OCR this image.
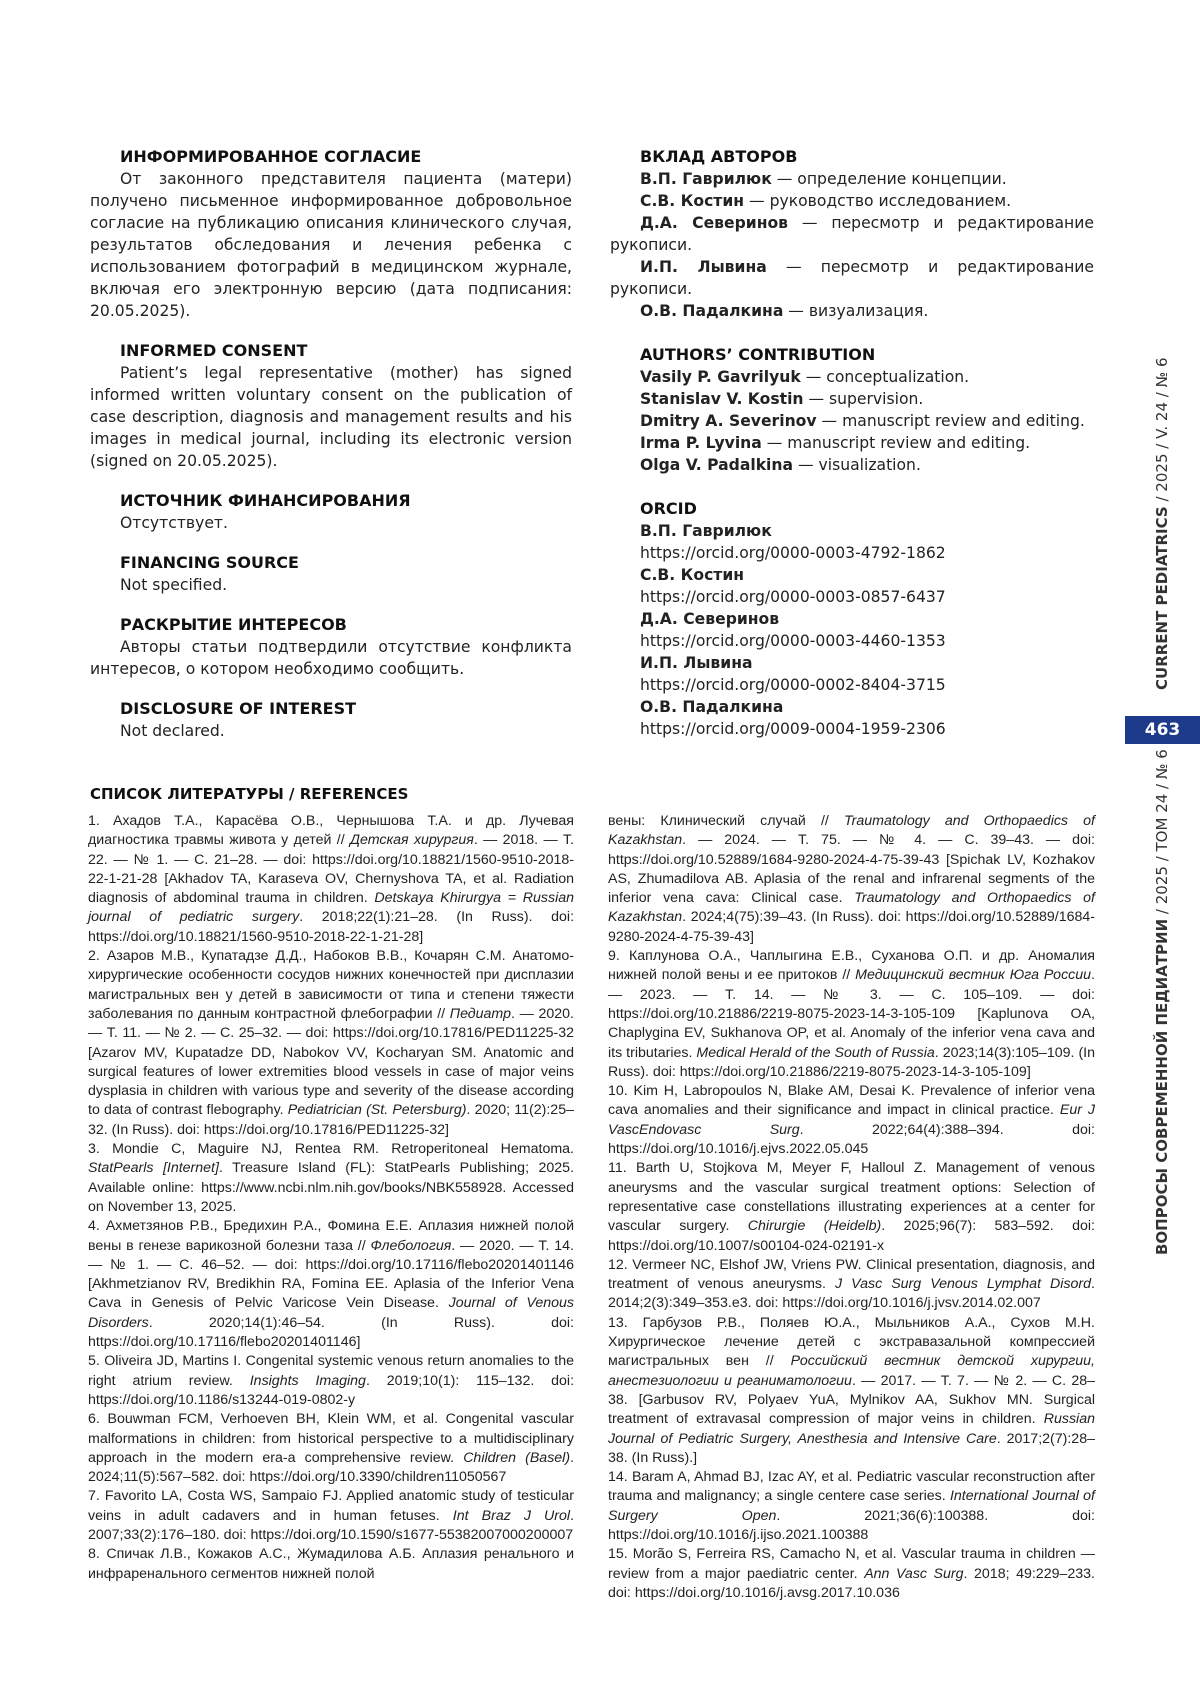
ИНФОРМИРОВАННОЕ СОГЛАСИЕ
От законного представителя пациента (матери) получено письменное информированное добровольное согласие на публикацию описания клинического случая, результатов обследования и лечения ребенка с использованием фотографий в медицинском журнале, включая его электронную версию (дата подписания: 20.05.2025).
INFORMED CONSENT
Patient’s legal representative (mother) has signed informed written voluntary consent on the publication of case description, diagnosis and management results and his images in medical journal, including its electronic version (signed on 20.05.2025).
ИСТОЧНИК ФИНАНСИРОВАНИЯ
Отсутствует.
FINANCING SOURCE
Not specified.
РАСКРЫТИЕ ИНТЕРЕСОВ
Авторы статьи подтвердили отсутствие конфликта интересов, о котором необходимо сообщить.
DISCLOSURE OF INTEREST
Not declared.
ВКЛАД АВТОРОВ
В.П. Гаврилюк — определение концепции.
С.В. Костин — руководство исследованием.
Д.А. Северинов — пересмотр и редактирование рукописи.
И.П. Лывина — пересмотр и редактирование рукописи.
О.В. Падалкина — визуализация.
AUTHORS’ CONTRIBUTION
Vasily P. Gavrilyuk — conceptualization.
Stanislav V. Kostin — supervision.
Dmitry A. Severinov — manuscript review and editing.
Irma P. Lyvina — manuscript review and editing.
Olga V. Padalkina — visualization.
ORCID
В.П. Гаврилюк
https://orcid.org/0000-0003-4792-1862
С.В. Костин
https://orcid.org/0000-0003-0857-6437
Д.А. Северинов
https://orcid.org/0000-0003-4460-1353
И.П. Лывина
https://orcid.org/0000-0002-8404-3715
О.В. Падалкина
https://orcid.org/0009-0004-1959-2306
СПИСОК ЛИТЕРАТУРЫ / REFERENCES
1. Ахадов Т.А., Карасёва О.В., Чернышова Т.А. и др. Лучевая диагностика травмы живота у детей // Детская хирургия. — 2018. — Т. 22. — № 1. — С. 21–28. — doi: https://doi.org/10.18821/1560-9510-2018-22-1-21-28 [Akhadov TA, Karaseva OV, Chernyshova TA, et al. Radiation diagnosis of abdominal trauma in children. Detskaya Khirurgya = Russian journal of pediatric surgery. 2018;22(1):21–28. (In Russ). doi: https://doi.org/10.18821/1560-9510-2018-22-1-21-28]
2. Азаров М.В., Купатадзе Д.Д., Набоков В.В., Кочарян С.М. Анатомо-хирургические особенности сосудов нижних конечностей при дисплазии магистральных вен у детей в зависимости от типа и степени тяжести заболевания по данным контрастной флебографии // Педиатр. — 2020. — Т. 11. — № 2. — С. 25–32. — doi: https://doi.org/10.17816/PED11225-32 [Azarov MV, Kupatadze DD, Nabokov VV, Kocharyan SM. Anatomic and surgical features of lower extremities blood vessels in case of major veins dysplasia in children with various type and severity of the disease according to data of contrast flebography. Pediatrician (St. Petersburg). 2020; 11(2):25–32. (In Russ). doi: https://doi.org/10.17816/PED11225-32]
3. Mondie C, Maguire NJ, Rentea RM. Retroperitoneal Hematoma. StatPearls [Internet]. Treasure Island (FL): StatPearls Publishing; 2025. Available online: https://www.ncbi.nlm.nih.gov/books/NBK558928. Accessed on November 13, 2025.
4. Ахметзянов Р.В., Бредихин Р.А., Фомина Е.Е. Аплазия нижней полой вены в генезе варикозной болезни таза // Флебология. — 2020. — Т. 14. — № 1. — С. 46–52. — doi: https://doi.org/10.17116/flebo20201401146 [Akhmetzianov RV, Bredikhin RA, Fomina EE. Aplasia of the Inferior Vena Cava in Genesis of Pelvic Varicose Vein Disease. Journal of Venous Disorders. 2020;14(1):46–54. (In Russ). doi: https://doi.org/10.17116/flebo20201401146]
5. Oliveira JD, Martins I. Congenital systemic venous return anomalies to the right atrium review. Insights Imaging. 2019;10(1): 115–132. doi: https://doi.org/10.1186/s13244-019-0802-y
6. Bouwman FCM, Verhoeven BH, Klein WM, et al. Congenital vascular malformations in children: from historical perspective to a multidisciplinary approach in the modern era-a comprehensive review. Children (Basel). 2024;11(5):567–582. doi: https://doi.org/10.3390/children11050567
7. Favorito LA, Costa WS, Sampaio FJ. Applied anatomic study of testicular veins in adult cadavers and in human fetuses. Int Braz J Urol. 2007;33(2):176–180. doi: https://doi.org/10.1590/s1677-55382007000200007
8. Спичак Л.В., Кожаков А.С., Жумадилова А.Б. Аплазия ренального и инфраренального сегментов нижней полой
вены: Клинический случай // Traumatology and Orthopaedics of Kazakhstan. — 2024. — Т. 75. — № 4. — С. 39–43. — doi: https://doi.org/10.52889/1684-9280-2024-4-75-39-43 [Spichak LV, Kozhakov AS, Zhumadilova AB. Aplasia of the renal and infrarenal segments of the inferior vena cava: Clinical case. Traumatology and Orthopaedics of Kazakhstan. 2024;4(75):39–43. (In Russ). doi: https://doi.org/10.52889/1684-9280-2024-4-75-39-43]
9. Каплунова О.А., Чаплыгина Е.В., Суханова О.П. и др. Аномалия нижней полой вены и ее притоков // Медицинский вестник Юга России. — 2023. — Т. 14. — № 3. — С. 105–109. — doi: https://doi.org/10.21886/2219-8075-2023-14-3-105-109 [Kaplunova OA, Chaplygina EV, Sukhanova OP, et al. Anomaly of the inferior vena cava and its tributaries. Medical Herald of the South of Russia. 2023;14(3):105–109. (In Russ). doi: https://doi.org/10.21886/2219-8075-2023-14-3-105-109]
10. Kim H, Labropoulos N, Blake AM, Desai K. Prevalence of inferior vena cava anomalies and their significance and impact in clinical practice. Eur J VascEndovasc Surg. 2022;64(4):388–394. doi: https://doi.org/10.1016/j.ejvs.2022.05.045
11. Barth U, Stojkova M, Meyer F, Halloul Z. Management of venous aneurysms and the vascular surgical treatment options: Selection of representative case constellations illustrating experiences at a center for vascular surgery. Chirurgie (Heidelb). 2025;96(7): 583–592. doi: https://doi.org/10.1007/s00104-024-02191-x
12. Vermeer NC, Elshof JW, Vriens PW. Clinical presentation, diagnosis, and treatment of venous aneurysms. J Vasc Surg Venous Lymphat Disord. 2014;2(3):349–353.e3. doi: https://doi.org/10.1016/j.jvsv.2014.02.007
13. Гарбузов Р.В., Поляев Ю.А., Мыльников А.А., Сухов М.Н. Хирургическое лечение детей с экстравазальной компрессией магистральных вен // Российский вестник детской хирургии, анестезиологии и реаниматологии. — 2017. — Т. 7. — № 2. — С. 28–38. [Garbusov RV, Polyaev YuA, Mylnikov AA, Sukhov MN. Surgical treatment of extravasal compression of major veins in children. Russian Journal of Pediatric Surgery, Anesthesia and Intensive Care. 2017;2(7):28–38. (In Russ).]
14. Baram A, Ahmad BJ, Izac AY, et al. Pediatric vascular reconstruction after trauma and malignancy; a single centere case series. International Journal of Surgery Open. 2021;36(6):100388. doi: https://doi.org/10.1016/j.ijso.2021.100388
15. Morão S, Ferreira RS, Camacho N, et al. Vascular trauma in children — review from a major paediatric center. Ann Vasc Surg. 2018; 49:229–233. doi: https://doi.org/10.1016/j.avsg.2017.10.036
CURRENT PEDIATRICS / 2025 / V. 24 / № 6
463
ВОПРОСЫ СОВРЕМЕННОЙ ПЕДИАТРИИ / 2025 / ТОМ 24 / № 6
